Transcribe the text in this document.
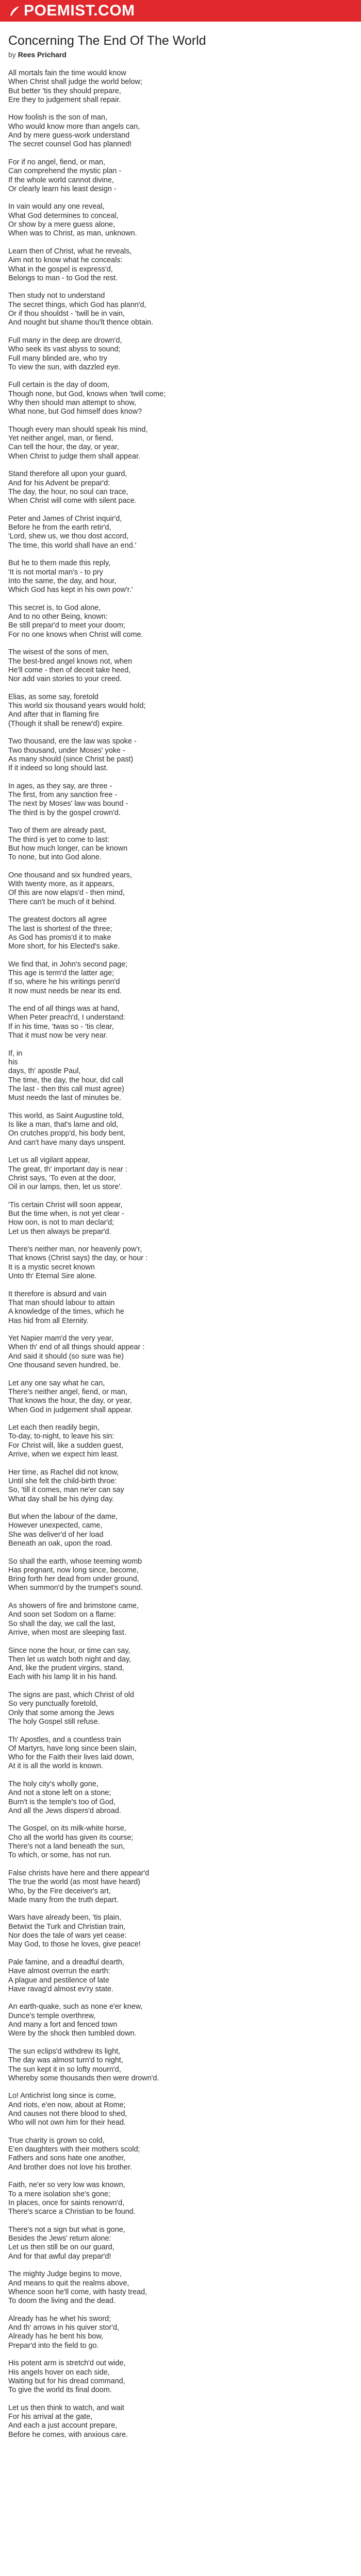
POEMIST.COM
Concerning The End Of The World
by Rees Prichard

All mortals fain the time would know
When Christ shall judge the world below;
But better 'tis they should prepare,
Ere they to judgement shall repair.

How foolish is the son of man,
Who would know more than angels can,
And by mere guess-work understand
The secret counsel God has planned!

For if no angel, fiend, or man,
Can comprehend the mystic plan -
If the whole world cannot divine,
Or clearly learn his least design -

In vain would any one reveal,
What God determines to conceal,
Or show by a mere guess alone,
When was to Christ, as man, unknown.

Learn then of Christ, what he reveals,
Aim not to know what he conceals:
What in the gospel is express'd,
Belongs to man - to God the rest.

Then study not to understand
The secret things, which God has plann'd,
Or if thou shouldst - 'twill be in vain,
And nought but shame thou'lt thence obtain.

Full many in the deep are drown'd,
Who seek its vast abyss to sound;
Full many blinded are, who try
To view the sun, with dazzled eye.

Full certain is the day of doom,
Though none, but God, knows when 'twill come;
Why then should man attempt to show,
What none, but God himself does know?

Though every man should speak his mind,
Yet neither angel, man, or fiend,
Can tell the hour, the day, or year,
When Christ to judge them shall appear.

Stand therefore all upon your guard,
And for his Advent be prepar'd:
The day, the hour, no soul can trace,
When Christ will come with silent pace.

Peter and James of Christ inquir'd,
Before he from the earth retir'd,
'Lord, shew us, we thou dost accord,
The time, this world shall have an end.'

But he to them made this reply,
'It is not mortal man's - to pry
Into the same, the day, and hour,
Which God has kept in his own pow'r.'

This secret is, to God alone,
And to no other Being, known:
Be still prepar'd to meet your doom;
For no one knows when Christ will come.

The wisest of the sons of men,
The best-bred angel knows not, when
He'll come - then of deceit take heed,
Nor add vain stories to your creed.

Elias, as some say, foretold
This world six thousand years would hold;
And after that in flaming fire
(Though it shall be renew'd) expire.

Two thousand, ere the law was spoke -
Two thousand, under Moses' yoke -
As many should (since Christ be past)
If it indeed so long should last.

In ages, as they say, are three -
The first, from any sanction free -
The next by Moses' law was bound -
The third is by the gospel crown'd.

Two of them are already past,
The third is yet to come to last:
But how much longer, can be known
To none, but into God alone.

One thousand and six hundred years,
With twenty more, as it appears,
Of this are now elaps'd - then mind,
There can't be much of it behind.

The greatest doctors all agree
The last is shortest of the three;
As God has promis'd it to make
More short, for his Elected's sake.

We find that, in John's second page;
This age is term'd the latter age;
If so, where he his writings penn'd
It now must needs be near its end.

The end of all things was at hand,
When Peter preach'd, I understand:
If in his time, 'twas so - 'tis clear,
That it must now be very near.

If, in
his
days, th' apostle Paul,
The time, the day, the hour, did call
The last - then this call must agree)
Must needs the last of minutes be.

This world, as Saint Augustine told,
Is like a man, that's lame and old,
On crutches propp'd, his body bent,
And can't have many days unspent.

Let us all vigilant appear,
The great, th' important day is near :
Christ says, 'To even at the door,
Oil in our lamps, then, let us store'.

'Tis certain Christ will soon appear,
But the time when, is not yet clear -
How oon, is not to man declar'd;
Let us then always be prepar'd.

There's neither man, nor heavenly pow'r,
That knows (Christ says) the day, or hour :
It is a mystic secret known
Unto th' Eternal Sire alone.

It therefore is absurd and vain
That man should labour to attain
A knowledge of the times, which he
Has hid from all Eternity.

Yet Napier mam'd the very year,
When th' end of all things should appear :
And said it should (so sure was he)
One thousand seven hundred, be.

Let any one say what he can,
There's neither angel, fiend, or man,
That knows the hour, the day, or year,
When God in judgement shall appear.

Let each then readily begin,
To-day, to-night, to leave his sin:
For Christ will, like a sudden guest,
Arrive, when we expect him least.

Her time, as Rachel did not know,
Until she felt the child-birth throe:
So, 'till it comes, man ne'er can say
What day shall be his dying day.

But when the labour of the dame,
However unexpected, came,
She was deliver'd of her load
Beneath an oak, upon the road.

So shall the earth, whose teeming womb
Has pregnant, now long since, become,
Bring forth her dead from under ground,
When summon'd by the trumpet's sound.

As showers of fire and brimstone came,
And soon set Sodom on a flame:
So shall the day, we call the last,
Arrive, when most are sleeping fast.

Since none the hour, or time can say,
Then let us watch both night and day,
And, like the prudent virgins, stand,
Each with his lamp lit in his hand.

The signs are past, which Christ of old
So very punctually foretold,
Only that some among the Jews
The holy Gospel still refuse.

Th' Apostles, and a countless train
Of Martyrs, have long since been slain,
Who for the Faith their lives laid down,
At it is all the world is known.

The holy city's wholly gone,
And not a stone left on a stone;
Burn't is the temple's too of God,
And all the Jews dispers'd abroad.

The Gospel, on its milk-white horse,
Cho all the world has given its course;
There's not a land beneath the sun,
To which, or some, has not run.

False christs have here and there appear'd
The true the world (as most have heard)
Who, by the Fire deceiver's art,
Made many from the truth depart.

Wars have already been, 'tis plain,
Betwixt the Turk and Christian train,
Nor does the tale of wars yet cease:
May God, to those he loves, give peace!

Pale famine, and a dreadful dearth,
Have almost overrun the earth:
A plague and pestilence of late
Have ravag'd almost ev'ry state.

An earth-quake, such as none e'er knew,
Dunce's temple overthrew,
And many a fort and fenced town
Were by the shock then tumbled down.

The sun eclips'd withdrew its light,
The day was almost turn'd to night,
The sun kept it in so lofty mourn'd,
Whereby some thousands then were drown'd.

Lo! Antichrist long since is come,
And riots, e'en now, about at Rome;
And causes not there blood to shed,
Who will not own him for their head.

True charity is grown so cold,
E'en daughters with their mothers scold;
Fathers and sons hate one another,
And brother does not love his brother.

Faith, ne'er so very low was known,
To a mere isolation she's gone;
In places, once for saints renown'd,
There's scarce a Christian to be found.

There's not a sign but what is gone,
Besides the Jews' return alone:
Let us then still be on our guard,
And for that awful day prepar'd!

The mighty Judge begins to move,
And means to quit the realms above,
Whence soon he'll come, with hasty tread,
To doom the living and the dead.

Already has he whet his sword;
And th' arrows in his quiver stor'd,
Already has he bent his bow,
Prepar'd into the field to go.

His potent arm is stretch'd out wide,
His angels hover on each side,
Waiting but for his dread command,
To give the world its final doom.

Let us then think to watch, and wait
For his arrival at the gate,
And each a just account prepare,
Before he comes, with anxious care.
